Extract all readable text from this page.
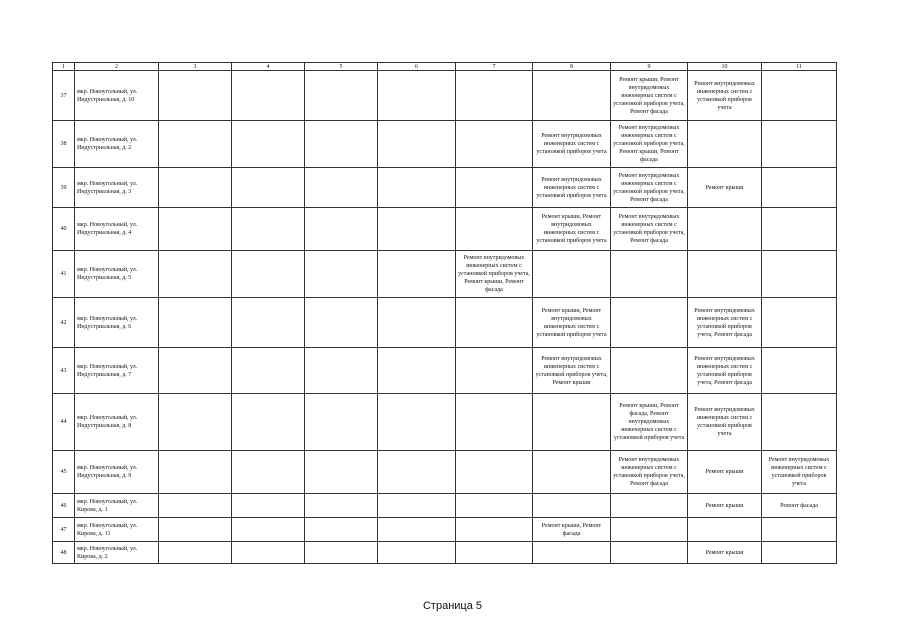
1	2	3	4	5	6	7	8	9	10	11
37	мкр. Новоугольный, ул. Индустриальная, д. 10							Ремонт крыши, Ремонт внутридомовых инженерных систем с установкой приборов учета, Ремонт фасада	Ремонт внутридомовых инженерных систем с установкой приборов учета	
38	мкр. Новоугольный, ул. Индустриальная, д. 2						Ремонт внутридомовых инженерных систем с установкой приборов учета	Ремонт внутридомовых инженерных систем с установкой приборов учета, Ремонт крыши, Ремонт фасада		
39	мкр. Новоугольный, ул. Индустриальная, д. 3						Ремонт внутридомовых инженерных систем с установкой приборов учета	Ремонт внутридомовых инженерных систем с установкой приборов учета, Ремонт фасада	Ремонт крыши	
40	мкр. Новоугольный, ул. Индустриальная, д. 4						Ремонт крыши, Ремонт внутридомовых инженерных систем с установкой приборов учета	Ремонт внутридомовых инженерных систем с установкой приборов учета, Ремонт фасада		
41	мкр. Новоугольный, ул. Индустриальная, д. 5					Ремонт внутридомовых инженерных систем с установкой приборов учета, Ремонт крыши, Ремонт фасада				
42	мкр. Новоугольный, ул. Индустриальная, д. 6						Ремонт крыши, Ремонт внутридомовых инженерных систем с установкой приборов учета		Ремонт внутридомовых инженерных систем с установкой приборов учета, Ремонт фасада	
43	мкр. Новоугольный, ул. Индустриальная, д. 7						Ремонт внутридомовых инженерных систем с установкой приборов учета, Ремонт крыши		Ремонт внутридомовых инженерных систем с установкой приборов учета, Ремонт фасада	
44	мкр. Новоугольный, ул. Индустриальная, д. 8							Ремонт крыши, Ремонт фасада, Ремонт внутридомовых инженерных систем с установкой приборов учета	Ремонт внутридомовых инженерных систем с установкой приборов учета	
45	мкр. Новоугольный, ул. Индустриальная, д. 9							Ремонт внутридомовых инженерных систем с установкой приборов учета, Ремонт фасада	Ремонт крыши	Ремонт внутридомовых инженерных систем с установкой приборов учета
46	мкр. Новоугольный, ул. Кирова, д. 1								Ремонт крыши	Ремонт фасада
47	мкр. Новоугольный, ул. Кирова, д. 11						Ремонт крыши, Ремонт фасада			
48	мкр. Новоугольный, ул. Кирова, д. 2								Ремонт крыши	
Страница 5
